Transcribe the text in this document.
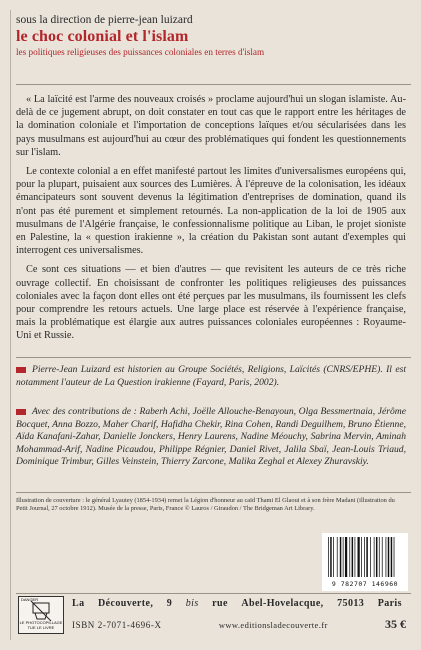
sous la direction de pierre-jean luizard

le choc colonial et l'islam

les politiques religieuses des puissances coloniales en terres d'islam

« La laïcité est l'arme des nouveaux croisés » proclame aujourd'hui un slogan islamiste. Au-delà de ce jugement abrupt, on doit constater en tout cas que le rapport entre les héritages de la domination coloniale et l'importation de conceptions laïques et/ou sécularisées dans les pays musulmans est aujourd'hui au cœur des problématiques qui fondent les questionnements sur l'islam.

Le contexte colonial a en effet manifesté partout les limites d'universalismes européens qui, pour la plupart, puisaient aux sources des Lumières. À l'épreuve de la colonisation, les idéaux émancipateurs sont souvent devenus la légitimation d'entreprises de domination, quand ils n'ont pas été purement et simplement retournés. La non-application de la loi de 1905 aux musulmans de l'Algérie française, le confessionnalisme politique au Liban, le projet sioniste en Palestine, la « question irakienne », la création du Pakistan sont autant d'exemples qui interrogent ces universalismes.

Ce sont ces situations — et bien d'autres — que revisitent les auteurs de ce très riche ouvrage collectif. En choisissant de confronter les politiques religieuses des puissances coloniales avec la façon dont elles ont été perçues par les musulmans, ils fournissent les clefs pour comprendre les retours actuels. Une large place est réservée à l'expérience française, mais la problématique est élargie aux autres puissances coloniales européennes : Royaume-Uni et Russie.

Pierre-Jean Luizard est historien au Groupe Sociétés, Religions, Laïcités (CNRS/EPHE). Il est notamment l'auteur de La Question irakienne (Fayard, Paris, 2002).

Avec des contributions de : Raberh Achi, Joëlle Allouche-Benayoun, Olga Bessmertnaia, Jérôme Bocquet, Anna Bozzo, Maher Charif, Hafidha Chekir, Rina Cohen, Randi Deguilhem, Bruno Étienne, Aïda Kanafani-Zahar, Danielle Jonckers, Henry Laurens, Nadine Méouchy, Sabrina Mervin, Aminah Mohammad-Arif, Nadine Picaudou, Philippe Régnier, Daniel Rivet, Jalila Sbaï, Jean-Louis Triaud, Dominique Trimbur, Gilles Veinstein, Thierry Zarcone, Malika Zeghal et Alexey Zhuravskiy.

Illustration de couverture : le général Lyautey (1854-1934) remet la Légion d'honneur au caïd Thami El Glaoui et à son frère Madani (illustration du Petit Journal, 27 octobre 1912). Musée de la presse, Paris, France © Lauros / Giraudon / The Bridgeman Art Library.
9 782707 146960
DANGER
LE PHOTOCOPILLAGE
TUE LE LIVRE
La Découverte, 9 bis rue Abel-Hovelacque, 75013 Paris
ISBN 2-7071-4696-X	www.editionsladecouverte.fr	35 €
